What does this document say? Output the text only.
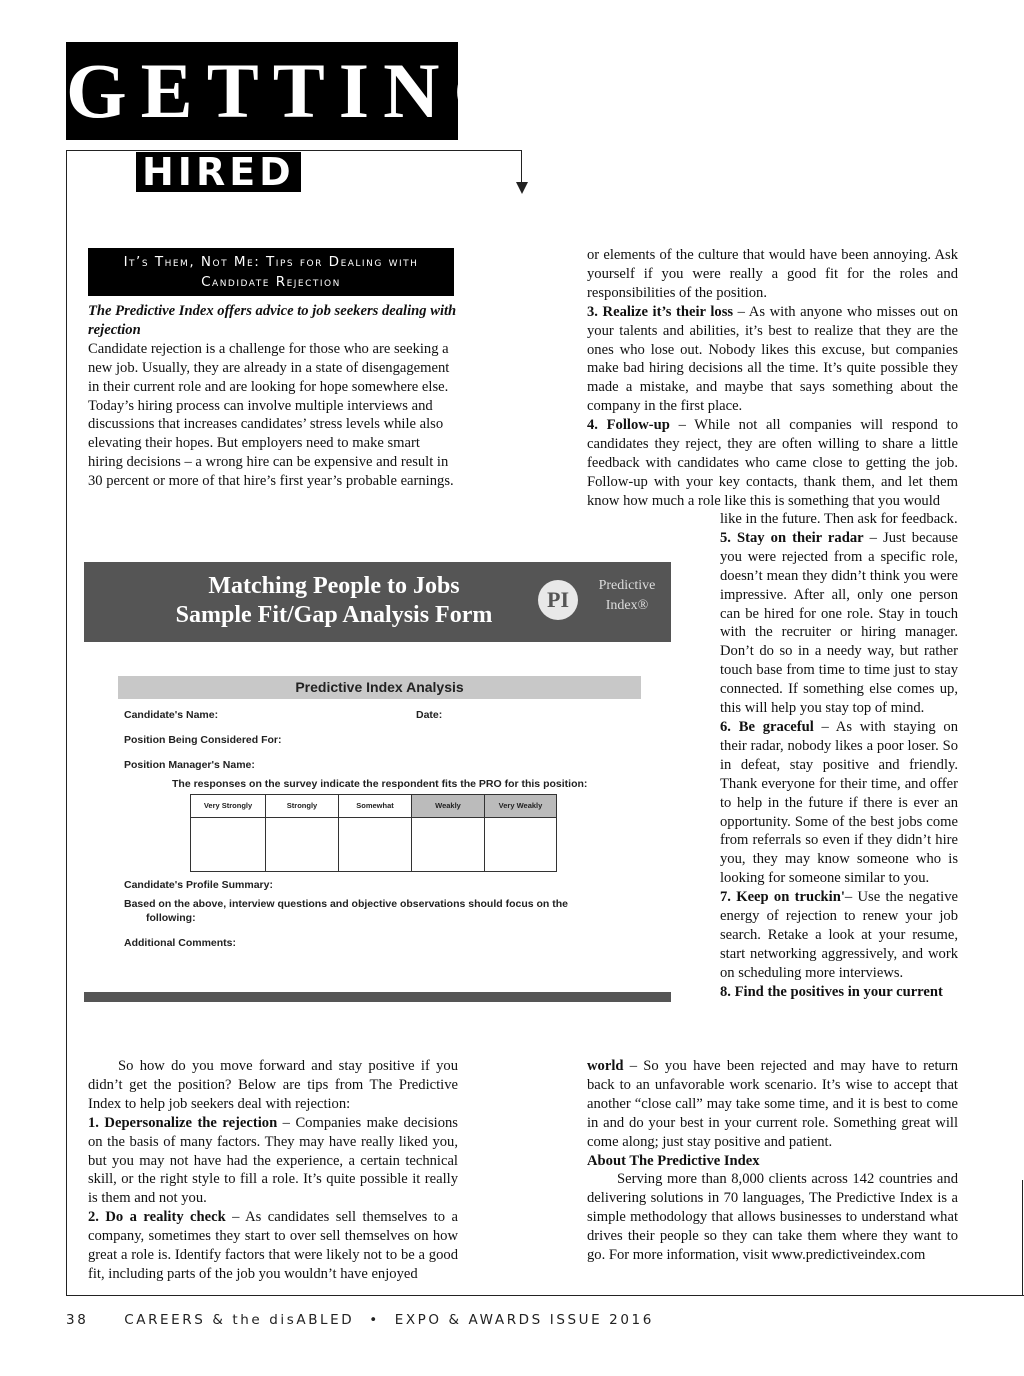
GETTING
HIRED
It’s Them, Not Me: Tips for Dealing with Candidate Rejection

The Predictive Index offers advice to job seekers dealing with rejection

Candidate rejection is a challenge for those who are seeking a new job. Usually, they are already in a state of disengagement in their current role and are looking for hope somewhere else. Today’s hiring process can involve multiple interviews and discussions that increases candidates’ stress levels while also elevating their hopes. But employers need to make smart hiring decisions – a wrong hire can be expensive and result in 30 percent or more of that hire’s first year’s probable earnings.

or elements of the culture that would have been annoying. Ask yourself if you were really a good fit for the roles and responsibilities of the position.

3. Realize it’s their loss – As with anyone who misses out on your talents and abilities, it’s best to realize that they are the ones who lose out. Nobody likes this excuse, but companies make bad hiring decisions all the time. It’s quite possible they made a mistake, and maybe that says something about the company in the first place.

4. Follow-up – While not all companies will respond to candidates they reject, they are often willing to share a little feedback with candidates who came close to getting the job. Follow-up with your key contacts, thank them, and let them know how much a role like this is something that you would

like in the future. Then ask for feedback.

5. Stay on their radar – Just because you were rejected from a specific role, doesn’t mean they didn’t think you were impressive. After all, only one person can be hired for one role. Stay in touch with the recruiter or hiring manager. Don’t do so in a needy way, but rather touch base from time to time just to stay connected. If something else comes up, this will help you stay top of mind.

6. Be graceful – As with staying on their radar, nobody likes a poor loser. So in defeat, stay positive and friendly. Thank everyone for their time, and offer to help in the future if there is ever an opportunity. Some of the best jobs come from referrals so even if they didn’t hire you, they may know someone who is looking for someone similar to you.

7. Keep on truckin'– Use the negative energy of rejection to renew your job search. Retake a look at your resume, start networking aggressively, and work on scheduling more interviews.

8. Find the positives in your current

world – So you have been rejected and may have to return back to an unfavorable work scenario. It’s wise to accept that another “close call” may take some time, and it is best to come in and do your best in your current role. Something great will come along; just stay positive and patient.

About The Predictive Index

Serving more than 8,000 clients across 142 countries and delivering solutions in 70 languages, The Predictive Index is a simple methodology that allows businesses to understand what drives their people so they can take them where they want to go. For more information, visit www.predictiveindex.com

So how do you move forward and stay positive if you didn’t get the position? Below are tips from The Predictive Index to help job seekers deal with rejection:

1. Depersonalize the rejection – Companies make decisions on the basis of many factors. They may have really liked you, but you may not have had the experience, a certain technical skill, or the right style to fill a role. It’s quite possible it really is them and not you.

2. Do a reality check – As candidates sell themselves to a company, sometimes they start to over sell themselves on how great a role is. Identify factors that were likely not to be a good fit, including parts of the job you wouldn’t have enjoyed

Matching People to Jobs
Sample Fit/Gap Analysis Form
PI
Predictive
Index®
Predictive Index Analysis
Candidate's Name:	Date:
Position Being Considered For:
Position Manager's Name:
The responses on the survey indicate the respondent fits the PRO for this position:
Very Strongly	Strongly	Somewhat	Weakly	Very Weakly
Candidate's Profile Summary:
Based on the above, interview questions and objective observations should focus on the
following:
Additional Comments:
38	CAREERS & the disABLED • EXPO & AWARDS ISSUE 2016
